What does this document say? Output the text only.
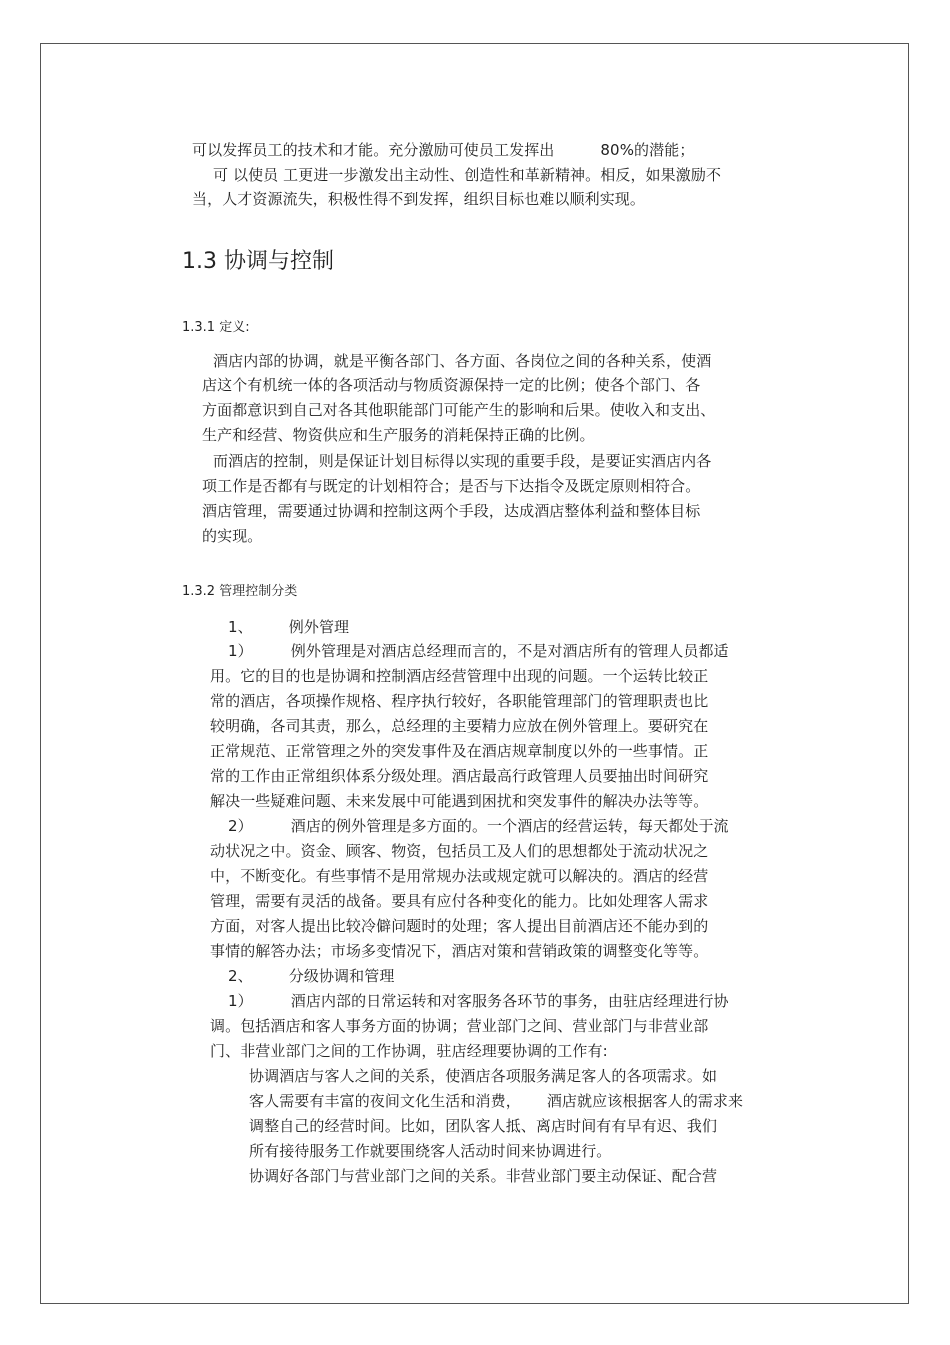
可以发挥员工的技术和才能。充分激励可使员工发挥出	80%的潜能；
可 以使员 工更进一步激发出主动性、创造性和革新精神。相反，如果激励不
当，人才资源流失，积极性得不到发挥，组织目标也难以顺利实现。
1.3 协调与控制
1.3.1 定义:
酒店内部的协调，就是平衡各部门、各方面、各岗位之间的各种关系，使酒
店这个有机统一体的各项活动与物质资源保持一定的比例；使各个部门、各
方面都意识到自己对各其他职能部门可能产生的影响和后果。使收入和支出、
生产和经营、物资供应和生产服务的消耗保持正确的比例。
而酒店的控制，则是保证计划目标得以实现的重要手段，是要证实酒店内各
项工作是否都有与既定的计划相符合；是否与下达指令及既定原则相符合。
酒店管理，需要通过协调和控制这两个手段，达成酒店整体利益和整体目标
的实现。
1.3.2 管理控制分类
1、 例外管理
1）	例外管理是对酒店总经理而言的，不是对酒店所有的管理人员都适
用。它的目的也是协调和控制酒店经营管理中出现的问题。一个运转比较正
常的酒店，各项操作规格、程序执行较好，各职能管理部门的管理职责也比
较明确，各司其责，那么，总经理的主要精力应放在例外管理上。要研究在
正常规范、正常管理之外的突发事件及在酒店规章制度以外的一些事情。正
常的工作由正常组织体系分级处理。酒店最高行政管理人员要抽出时间研究
解决一些疑难问题、未来发展中可能遇到困扰和突发事件的解决办法等等。
2）	酒店的例外管理是多方面的。一个酒店的经营运转，每天都处于流
动状况之中。资金、顾客、物资，包括员工及人们的思想都处于流动状况之
中，不断变化。有些事情不是用常规办法或规定就可以解决的。酒店的经营
管理，需要有灵活的战备。要具有应付各种变化的能力。比如处理客人需求
方面，对客人提出比较冷僻问题时的处理；客人提出目前酒店还不能办到的
事情的解答办法；市场多变情况下，酒店对策和营销政策的调整变化等等。
2、 分级协调和管理
1）	酒店内部的日常运转和对客服务各环节的事务，由驻店经理进行协
调。包括酒店和客人事务方面的协调；营业部门之间、营业部门与非营业部
门、非营业部门之间的工作协调，驻店经理要协调的工作有:
协调酒店与客人之间的关系，使酒店各项服务满足客人的各项需求。如
客人需要有丰富的夜间文化生活和消费， 酒店就应该根据客人的需求来
调整自己的经营时间。比如，团队客人抵、离店时间有有早有迟、我们
所有接待服务工作就要围绕客人活动时间来协调进行。
协调好各部门与营业部门之间的关系。非营业部门要主动保证、配合营
